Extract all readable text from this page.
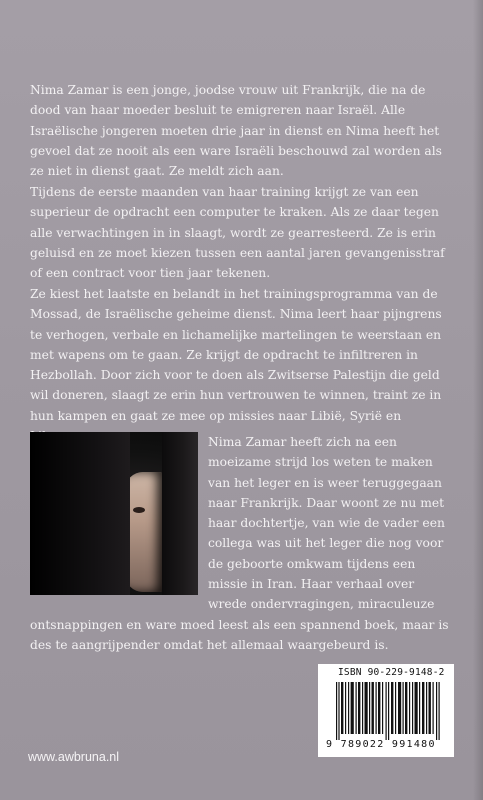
Nima Zamar is een jonge, joodse vrouw uit Frankrijk, die na de dood van haar moeder besluit te emigreren naar Israël. Alle Israëlische jongeren moeten drie jaar in dienst en Nima heeft het gevoel dat ze nooit als een ware Israëli beschouwd zal worden als ze niet in dienst gaat. Ze meldt zich aan.

Tijdens de eerste maanden van haar training krijgt ze van een superieur de opdracht een computer te kraken. Als ze daar tegen alle verwachtingen in in slaagt, wordt ze gearresteerd. Ze is erin geluisd en ze moet kiezen tussen een aantal jaren gevangenisstraf of een contract voor tien jaar tekenen.

Ze kiest het laatste en belandt in het trainingsprogramma van de Mossad, de Israëlische geheime dienst. Nima leert haar pijngrens te verhogen, verbale en lichamelijke martelingen te weerstaan en met wapens om te gaan. Ze krijgt de opdracht te infiltreren in Hezbollah. Door zich voor te doen als Zwitserse Palestijn die geld wil doneren, slaagt ze erin hun vertrouwen te winnen, traint ze in hun kampen en gaat ze mee op missies naar Libië, Syrië en

Nima Zamar heeft zich na een moeizame strijd los weten te maken van het leger en is weer teruggegaan naar Frankrijk. Daar woont ze nu met haar dochtertje, van wie de vader een collega was uit het leger die nog voor de geboorte omkwam tijdens een missie in Iran. Haar verhaal over wrede ondervragingen, miraculeuze ontsnappingen en ware moed leest als een spannend boek, maar is des te aangrijpender omdat het allemaal waargebeurd is.
ISBN 90-229-9148-2
9 789022 991480
www.awbruna.nl
